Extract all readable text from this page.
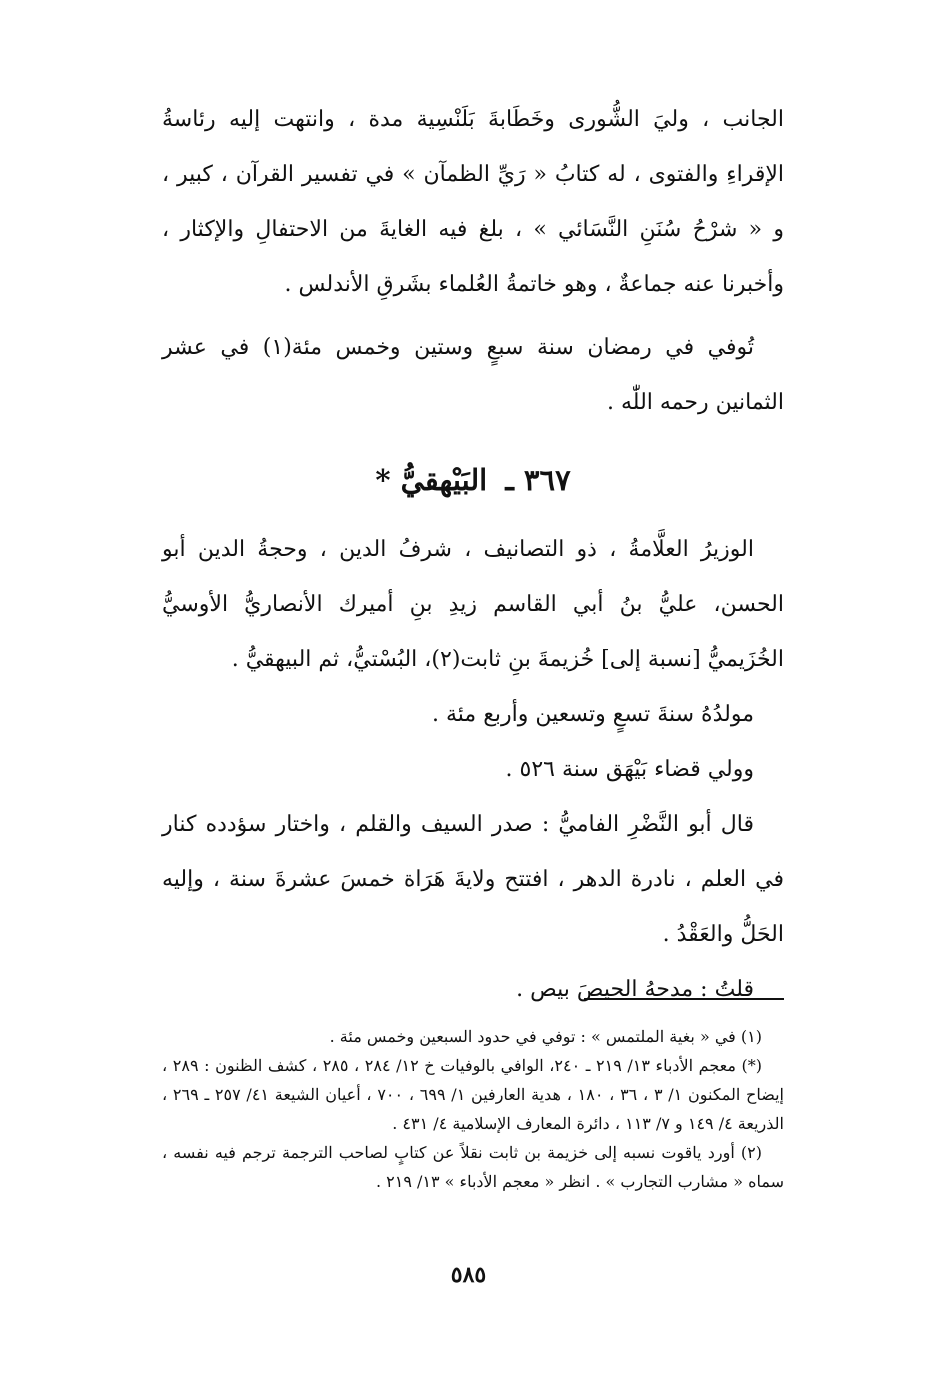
الجانب ، وليَ الشُّورى وخَطَابةَ بَلَنْسِية مدة ، وانتهت إليه رئاسةُ الإقراءِ والفتوى ، له كتابُ « رَيِّ الظمآن » في تفسير القرآن ، كبير ، و « شرْحُ سُنَنِ النَّسَائي » ، بلغ فيه الغايةَ من الاحتفالِ والإكثار ، وأخبرنا عنه جماعةٌ ، وهو خاتمةُ العُلماء بشَرقِ الأندلس .

تُوفي في رمضان سنة سبعٍ وستين وخمس مئة(١) في عشر الثمانين رحمه اللّٰه .

٣٦٧ ـ البَيْهقيُّ *

الوزيرُ العلَّامةُ ، ذو التصانيف ، شرفُ الدين ، وحجةُ الدين أبو الحسن، عليُّ بنُ أبي القاسم زيدِ بنِ أميرك الأنصاريُّ الأوسيُّ الخُزَيميُّ [نسبة إلى] خُزيمةَ بنِ ثابت(٢)، البُسْتيُّ، ثم البيهقيُّ .

مولدُهُ سنةَ تسعٍ وتسعين وأربع مئة .

وولي قضاء بَيْهَق سنة ٥٢٦ .

قال أبو النَّضْرِ الفاميُّ : صدر السيف والقلم ، واختار سؤدده كنار في العلم ، نادرة الدهر ، افتتح ولايةَ هَرَاة خمسَ عشرةَ سنة ، وإليه الحَلُّ والعَقْدُ .

قلتُ : مدحهُ الحيصَ بيص .

(١) في « بغية الملتمس » : توفي في حدود السبعين وخمس مئة .

(*) معجم الأدباء ١٣/ ٢١٩ ـ ٢٤٠، الوافي بالوفيات خ ١٢/ ٢٨٤ ، ٢٨٥ ، كشف الظنون : ٢٨٩ ، إيضاح المكنون ١/ ٣ ، ٣٦ ، ١٨٠ ، هدية العارفين ١/ ٦٩٩ ، ٧٠٠ ، أعيان الشيعة ٤١/ ٢٥٧ ـ ٢٦٩ ، الذريعة ٤/ ١٤٩ و ٧/ ١١٣ ، دائرة المعارف الإسلامية ٤/ ٤٣١ .

(٢) أورد ياقوت نسبه إلى خزيمة بن ثابت نقلاً عن كتابٍ لصاحب الترجمة ترجم فيه نفسه ، سماه « مشارب التجارب » . انظر « معجم الأدباء » ١٣/ ٢١٩ .

٥٨٥
